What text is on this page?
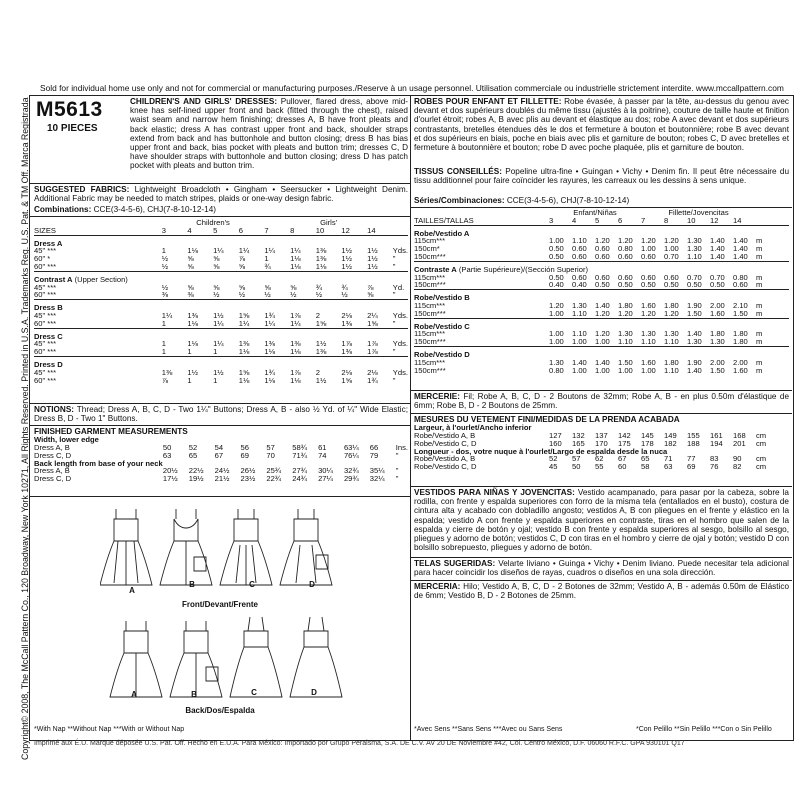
Sold for individual home use only and not for commercial or manufacturing purposes./Reserve à un usage personnel. Utilisation commerciale ou industrielle strictement interdite. www.mccallpattern.com
Copyright© 2008, The McCall Pattern Co., 120 Broadway, New York 10271, All Rights Reserved. Printed in U.S.A. Trademarks Reg. U.S. Pat. & TM Off. Marca Registrada M5613
10 PIECES
CHILDREN'S AND GIRLS' DRESSES: Pullover, flared dress, above mid-knee has self-lined upper front and back (fitted through the chest), raised waist seam and narrow hem finishing; dresses A, B have front pleats and back elastic; dress A has contrast upper front and back, shoulder straps extend from back and has buttonhole and button closing; dress B has bias upper front and back, bias pocket with pleats and button trim; dresses C, D have shoulder straps with buttonhole and button closing; dress D has patch pocket with pleats and button trim.
SUGGESTED FABRICS: Lightweight Broadcloth • Gingham • Seersucker • Lightweight Denim. Additional Fabric may be needed to match stripes, plaids or one-way design fabric.
Combinations: CCE(3-4-5-6), CHJ(7-8-10-12-14)
	Children's				Girls'					
SIZES	3	4	5	6	7	8	10	12	14	

Dress A										
45" ***	1	1⅛	1¼	1¼	1¼	1¼	1⅜	1½	1½	Yds.
60" *	½	⅝	⅝	⅞	1	1⅛	1⅜	1½	1½	"
60" ***	½	⅝	⅝	⅝	¾	1⅛	1⅛	1½	1½	"

Contrast A (Upper Section)										
45" ***	½	⅝	⅝	⅝	⅝	⅝	¾	¾	⅞	Yd.
60" ***	⅜	⅜	½	½	½	½	½	½	⅝	"

Dress B										
45" ***	1¼	1⅜	1½	1⅝	1¾	1⅞	2	2⅛	2¼	Yds.
60" ***	1	1⅛	1¼	1¼	1¼	1¼	1⅝	1⅜	1⅝	"

Dress C										
45" ***	1	1⅛	1¼	1⅜	1⅜	1⅜	1½	1⅞	1⅞	Yds.
60" ***	1	1	1	1⅛	1⅛	1⅛	1⅜	1⅜	1⅞	"

Dress D										
45" ***	1⅜	1½	1½	1⅝	1¾	1⅞	2	2⅛	2⅛	Yds.
60" ***	⅞	1	1	1⅛	1⅛	1⅛	1½	1⅝	1¾	"
NOTIONS: Thread; Dress A, B, C, D - Two 1¼" Buttons; Dress A, B - also ½ Yd. of ¼" Wide Elastic; Dress B, D - Two 1" Buttons.
FINISHED GARMENT MEASUREMENTS
Width, lower edge										
Dress A, B	50	52	54	56	57	58¾	61	63¼	66	Ins.
Dress C, D	63	65	67	69	70	71¾	74	76¼	79	"
Back length from base of your neck										
Dress A, B	20½	22½	24½	26½	25¾	27¾	30¼	32¾	35¼	"
Dress C, D	17½	19½	21½	23½	22¾	24¾	27¼	29¾	32¼	"
A
B	C	D
Front/Devant/Frente
A	B	C	D
Back/Dos/Espalda
*With Nap **Without Nap ***With or Without Nap
ROBES POUR ENFANT ET FILLETTE: Robe évasée, à passer par la tête, au-dessus du genou avec devant et dos supérieurs doublés du même tissu (ajustés à la poitrine), couture de taille haute et finition d'ourlet étroit; robes A, B avec plis au devant et élastique au dos; robe A avec devant et dos supérieurs contrastants, bretelles étendues dès le dos et fermeture à bouton et boutonnière; robe B avec devant et dos supérieurs en biais, poche en biais avec plis et garniture de bouton; robes C, D avec bretelles et fermeture à boutonnière et bouton; robe D avec poche plaquée, plis et garniture de bouton.
TISSUS CONSEILLÉS: Popeline ultra-fine • Guingan • Vichy • Denim fin. Il peut être nécessaire du tissu additionnel pour faire coïncider les rayures, les carreaux ou les dessins à sens unique.
Séries/Combinaciones: CCE(3-4-5-6), CHJ(7-8-10-12-14)
	Enfant/Niñas				Fillette/Jovencitas					
TAILLES/TALLAS	3	4	5	6	7	8	10	12	14	

Robe/Vestido A										
115cm***	1.00	1.10	1.20	1.20	1.20	1.20	1.30	1.40	1.40	m
150cm*	0.50	0.60	0.60	0.80	1.00	1.00	1.30	1.40	1.40	m
150cm***	0.50	0.60	0.60	0.60	0.60	0.70	1.10	1.40	1.40	m

Contraste A (Partie Supérieure)/(Sección Superior)										
115cm***	0.50	0.60	0.60	0.60	0.60	0.60	0.70	0.70	0.80	m
150cm***	0.40	0.40	0.50	0.50	0.50	0.50	0.50	0.50	0.60	m

Robe/Vestido B										
115cm***	1.20	1.30	1.40	1.80	1.60	1.80	1.90	2.00	2.10	m
150cm***	1.00	1.10	1.20	1.20	1.20	1.20	1.50	1.60	1.50	m

Robe/Vestido C										
115cm***	1.00	1.10	1.20	1.30	1.30	1.30	1.40	1.80	1.80	m
150cm***	1.00	1.00	1.00	1.10	1.10	1.10	1.30	1.30	1.80	m

Robe/Vestido D										
115cm***	1.30	1.40	1.40	1.50	1.60	1.80	1.90	2.00	2.00	m
150cm***	0.80	1.00	1.00	1.00	1.00	1.10	1.40	1.50	1.60	m
MERCERIE: Fil; Robe A, B, C, D - 2 Boutons de 32mm; Robe A, B - en plus 0.50m d'élastique de 6mm; Robe B, D - 2 Boutons de 25mm.
MESURES DU VETEMENT FINI/MEDIDAS DE LA PRENDA ACABADA
Largeur, à l'ourlet/Ancho inferior										
Robe/Vestido A, B	127	132	137	142	145	149	155	161	168	cm
Robe/Vestido C, D	160	165	170	175	178	182	188	194	201	cm
Longueur - dos, votre nuque à l'ourlet/Largo de espalda desde la nuca										
Robe/Vestido A, B	52	57	62	67	65	71	77	83	90	cm
Robe/Vestido C, D	45	50	55	60	58	63	69	76	82	cm
VESTIDOS PARA NIÑAS Y JOVENCITAS: Vestido acampanado, para pasar por la cabeza, sobre la rodilla, con frente y espalda superiores con forro de la misma tela (entallados en el busto), costura de cintura alta y acabado con dobladillo angosto; vestidos A, B con pliegues en el frente y elástico en la espalda; vestido A con frente y espalda superiores en contraste, tiras en el hombro que salen de la espalda y cierre de botón y ojal; vestido B con frente y espalda superiores al sesgo, bolsillo al sesgo, pliegues y adorno de botón; vestidos C, D con tiras en el hombro y cierre de ojal y botón; vestido D con bolsillo sobrepuesto, pliegues y adorno de botón.
TELAS SUGERIDAS: Velarte liviano • Guinga • Vichy • Denim liviano. Puede necesitar tela adicional para hacer coincidir los diseños de rayas, cuadros o diseños en una sola dirección.
MERCERIA: Hilo; Vestido A, B, C, D - 2 Botones de 32mm; Vestido A, B - además 0.50m de Elástico de 6mm; Vestido B, D - 2 Botones de 25mm.
*Avec Sens **Sans Sens ***Avec ou Sans Sens	*Con Pelillo **Sin Pelillo ***Con o Sin Pelillo
Imprimé aux É.U. Marque déposée U.S. Pat. Off. Hecho en E.U.A. Para México: Importado por Grupo Peraisma, S.A. DE C.V. AV 20 DE Noviembre #42, Col. Centro México, D.F. 06060 R.F.C. GPA 930101 Q17
